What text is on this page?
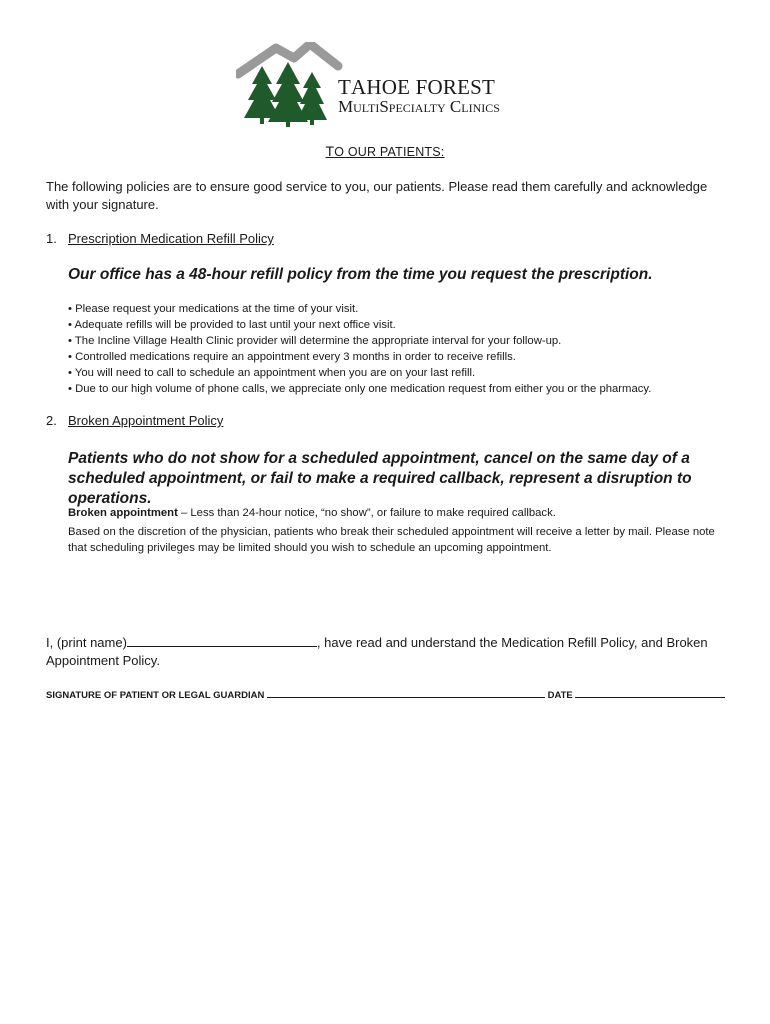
TAHOE FOREST
MultiSpecialty Clinics
TO OUR PATIENTS:
The following policies are to ensure good service to you, our patients. Please read them carefully and acknowledge with your signature.
1. Prescription Medication Refill Policy
Our office has a 48-hour refill policy from the time you request the prescription.
• Please request your medications at the time of your visit.
• Adequate refills will be provided to last until your next office visit.
• The Incline Village Health Clinic provider will determine the appropriate interval for your follow-up.
• Controlled medications require an appointment every 3 months in order to receive refills.
• You will need to call to schedule an appointment when you are on your last refill.
• Due to our high volume of phone calls, we appreciate only one medication request from either you or the pharmacy.
2. Broken Appointment Policy
Patients who do not show for a scheduled appointment, cancel on the same day of a scheduled appointment, or fail to make a required callback, represent a disruption to operations.
Broken appointment – Less than 24-hour notice, “no show”, or failure to make required callback.
Based on the discretion of the physician, patients who break their scheduled appointment will receive a letter by mail. Please note that scheduling privileges may be limited should you wish to schedule an upcoming appointment.
I, (print name)	, have read and understand the Medication Refill Policy, and Broken Appointment Policy.
SIGNATURE OF PATIENT OR LEGAL GUARDIAN	DATE
